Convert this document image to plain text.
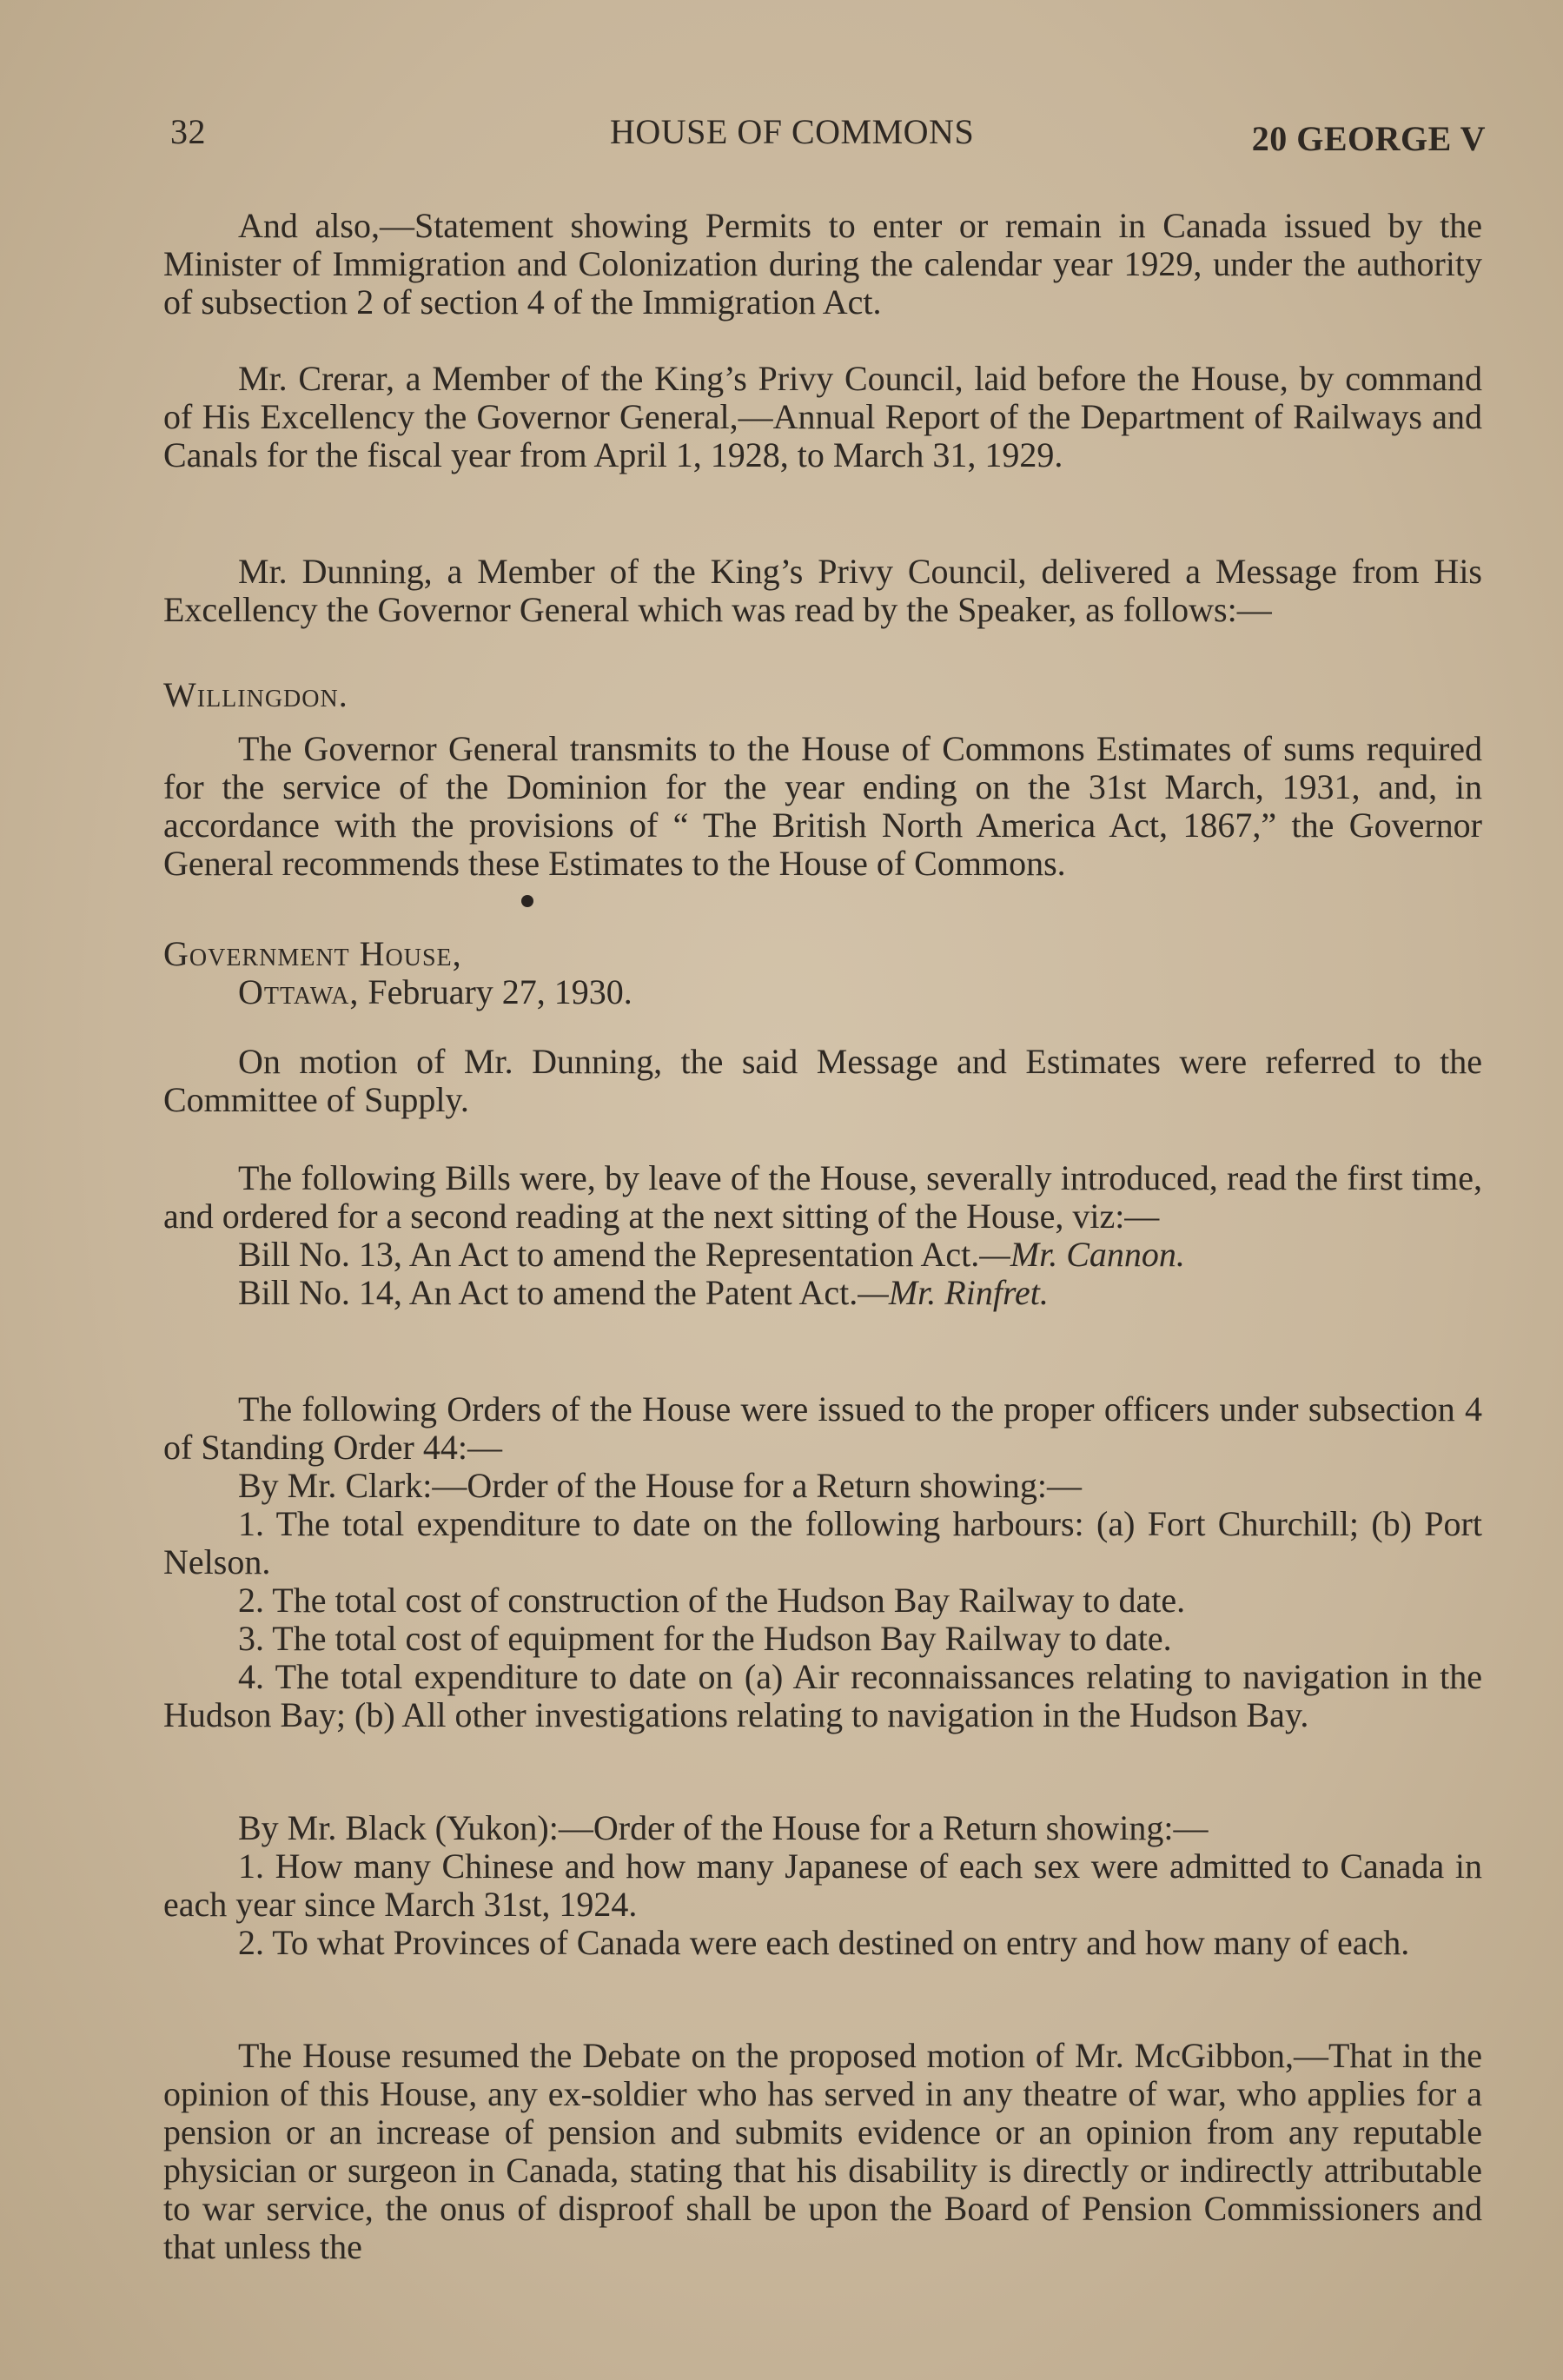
32	HOUSE OF COMMONS	20 GEORGE V

And also,—Statement showing Permits to enter or remain in Canada issued by the Minister of Immigration and Colonization during the calendar year 1929, under the authority of subsection 2 of section 4 of the Immigration Act.

Mr. Crerar, a Member of the King’s Privy Council, laid before the House, by command of His Excellency the Governor General,—Annual Report of the Department of Railways and Canals for the fiscal year from April 1, 1928, to March 31, 1929.

Mr. Dunning, a Member of the King’s Privy Council, delivered a Message from His Excellency the Governor General which was read by the Speaker, as follows:—

Willingdon.

The Governor General transmits to the House of Commons Estimates of sums required for the service of the Dominion for the year ending on the 31st March, 1931, and, in accordance with the provisions of “ The British North America Act, 1867,” the Governor General recommends these Estimates to the House of Commons.

Government House,

Ottawa, February 27, 1930.

On motion of Mr. Dunning, the said Message and Estimates were referred to the Committee of Supply.

The following Bills were, by leave of the House, severally introduced, read the first time, and ordered for a second reading at the next sitting of the House, viz:—

Bill No. 13, An Act to amend the Representation Act.—Mr. Cannon.

Bill No. 14, An Act to amend the Patent Act.—Mr. Rinfret.

The following Orders of the House were issued to the proper officers under subsection 4 of Standing Order 44:—

By Mr. Clark:—Order of the House for a Return showing:—

1. The total expenditure to date on the following harbours: (a) Fort Churchill; (b) Port Nelson.

2. The total cost of construction of the Hudson Bay Railway to date.

3. The total cost of equipment for the Hudson Bay Railway to date.

4. The total expenditure to date on (a) Air reconnaissances relating to navigation in the Hudson Bay; (b) All other investigations relating to navigation in the Hudson Bay.

By Mr. Black (Yukon):—Order of the House for a Return showing:—

1. How many Chinese and how many Japanese of each sex were admitted to Canada in each year since March 31st, 1924.

2. To what Provinces of Canada were each destined on entry and how many of each.

The House resumed the Debate on the proposed motion of Mr. McGibbon,—That in the opinion of this House, any ex-soldier who has served in any theatre of war, who applies for a pension or an increase of pension and submits evidence or an opinion from any reputable physician or surgeon in Canada, stating that his disability is directly or indirectly attributable to war service, the onus of disproof shall be upon the Board of Pension Commissioners and that unless the
